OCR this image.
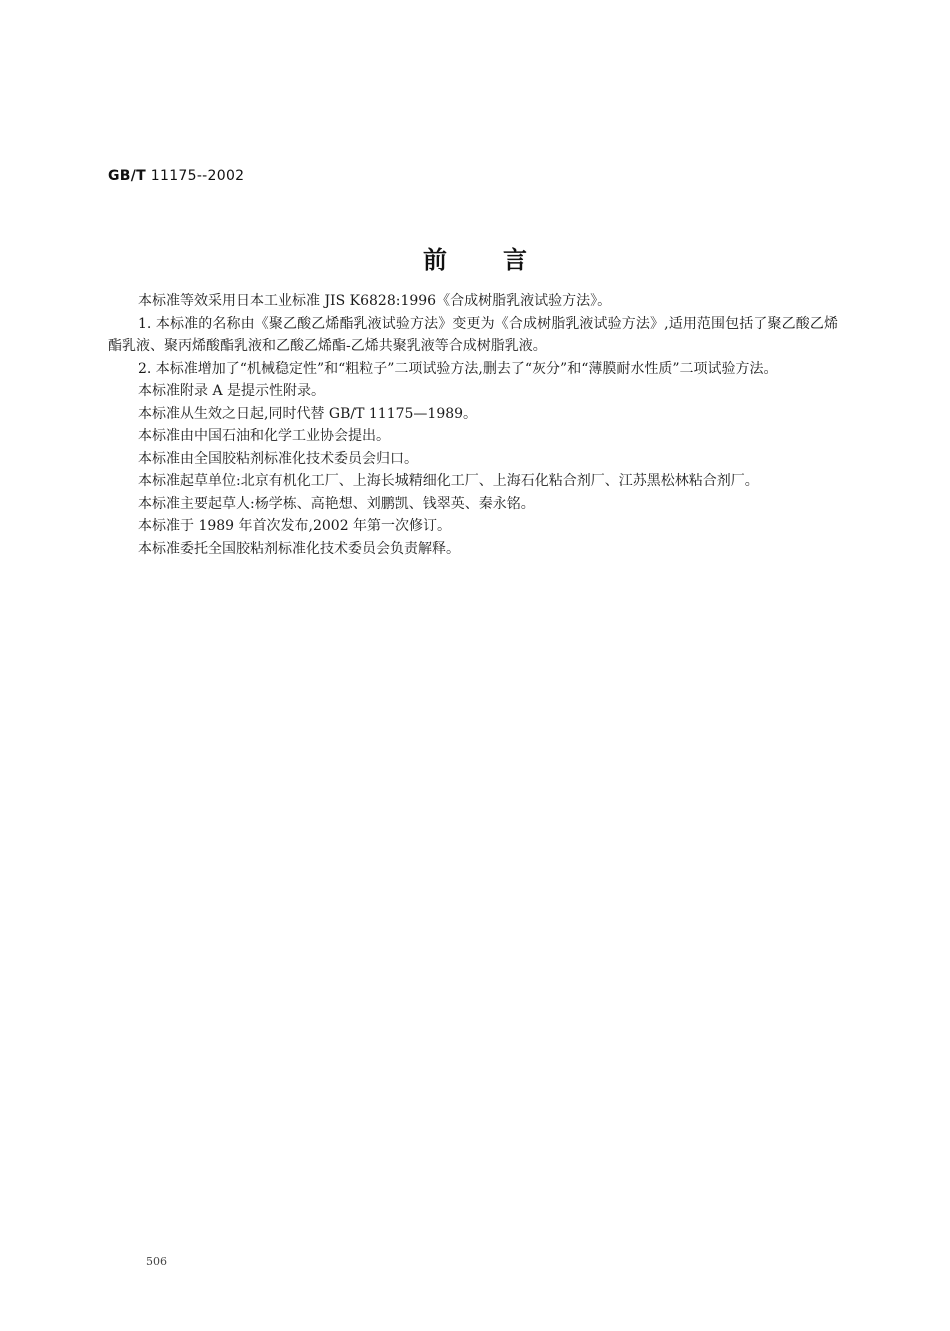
GB/T 11175--2002
前言

本标准等效采用日本工业标准 JIS K6828:1996《合成树脂乳液试验方法》。

1. 本标准的名称由《聚乙酸乙烯酯乳液试验方法》变更为《合成树脂乳液试验方法》,适用范围包括了聚乙酸乙烯酯乳液、聚丙烯酸酯乳液和乙酸乙烯酯-乙烯共聚乳液等合成树脂乳液。

2. 本标准增加了“机械稳定性”和“粗粒子”二项试验方法,删去了“灰分”和“薄膜耐水性质”二项试验方法。

本标准附录 A 是提示性附录。

本标准从生效之日起,同时代替 GB/T 11175—1989。

本标准由中国石油和化学工业协会提出。

本标准由全国胶粘剂标准化技术委员会归口。

本标准起草单位:北京有机化工厂、上海长城精细化工厂、上海石化粘合剂厂、江苏黑松林粘合剂厂。

本标准主要起草人:杨学栋、高艳想、刘鹏凯、钱翠英、秦永铭。

本标准于 1989 年首次发布,2002 年第一次修订。

本标准委托全国胶粘剂标准化技术委员会负责解释。

506
